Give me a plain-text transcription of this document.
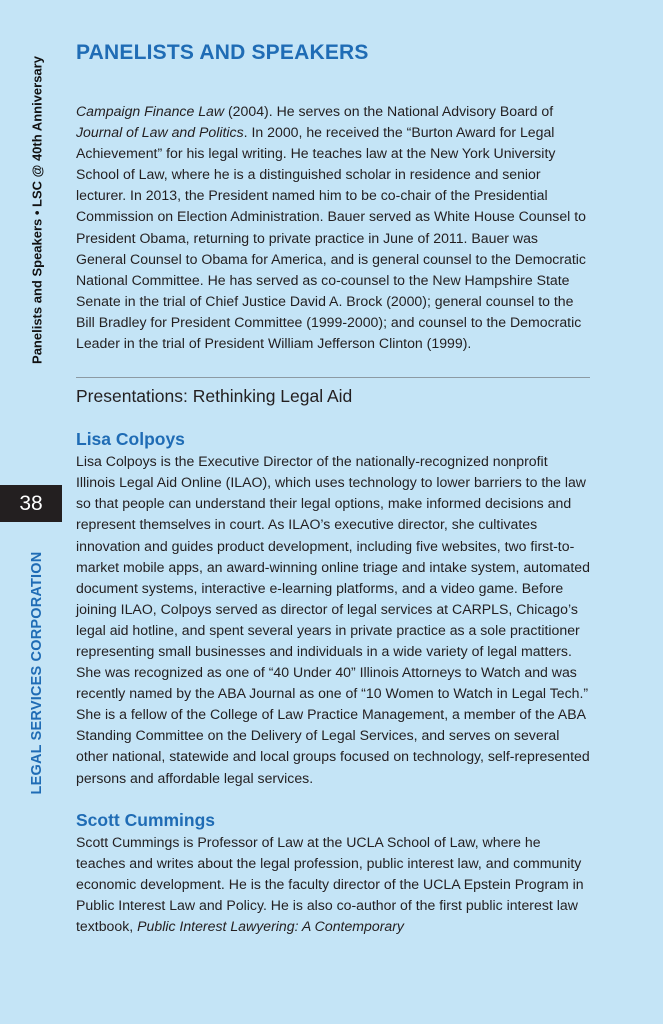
Panelists and Speakers • LSC @ 40th Anniversary
38
LEGAL SERVICES CORPORATION
PANELISTS AND SPEAKERS

Campaign Finance Law (2004). He serves on the National Advisory Board of Journal of Law and Politics. In 2000, he received the “Burton Award for Legal Achievement” for his legal writing. He teaches law at the New York University School of Law, where he is a distinguished scholar in residence and senior lecturer. In 2013, the President named him to be co-chair of the Presidential Commission on Election Administration. Bauer served as White House Counsel to President Obama, returning to private practice in June of 2011. Bauer was General Counsel to Obama for America, and is general counsel to the Democratic National Committee. He has served as co-counsel to the New Hampshire State Senate in the trial of Chief Justice David A. Brock (2000); general counsel to the Bill Bradley for President Committee (1999-2000); and counsel to the Democratic Leader in the trial of President William Jefferson Clinton (1999).

Presentations: Rethinking Legal Aid
Lisa Colpoys

Lisa Colpoys is the Executive Director of the nationally-recognized nonprofit Illinois Legal Aid Online (ILAO), which uses technology to lower barriers to the law so that people can understand their legal options, make informed decisions and represent themselves in court. As ILAO’s executive director, she cultivates innovation and guides product development, including five websites, two first-to-market mobile apps, an award-winning online triage and intake system, automated document systems, interactive e-learning platforms, and a video game. Before joining ILAO, Colpoys served as director of legal services at CARPLS, Chicago’s legal aid hotline, and spent several years in private practice as a sole practitioner representing small businesses and individuals in a wide variety of legal matters. She was recognized as one of “40 Under 40” Illinois Attorneys to Watch and was recently named by the ABA Journal as one of “10 Women to Watch in Legal Tech.” She is a fellow of the College of Law Practice Management, a member of the ABA Standing Committee on the Delivery of Legal Services, and serves on several other national, statewide and local groups focused on technology, self-represented persons and affordable legal services.

Scott Cummings

Scott Cummings is Professor of Law at the UCLA School of Law, where he teaches and writes about the legal profession, public interest law, and community economic development. He is the faculty director of the UCLA Epstein Program in Public Interest Law and Policy. He is also co-author of the first public interest law textbook, Public Interest Lawyering: A Contemporary
